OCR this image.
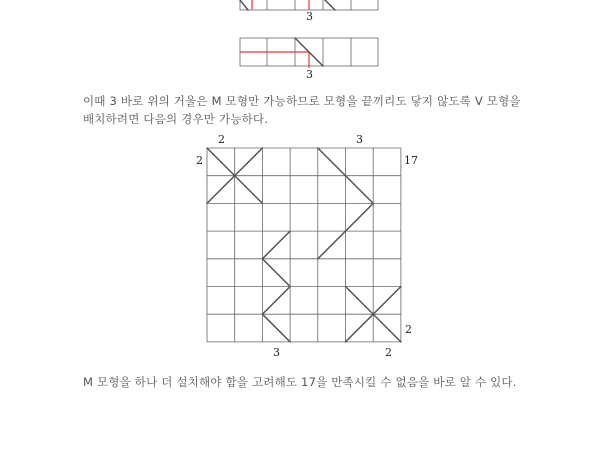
3
3
이때 3 바로 위의 거울은 M 모형만 가능하므로 모형을 끝끼리도 닿지 않도록 V 모형을
배치하려면 다음의 경우만 가능하다.
2
2
3
17
2
3	2
M 모형을 하나 더 설치해야 함을 고려해도 17을 만족시킬 수 없음을 바로 알 수 있다.
